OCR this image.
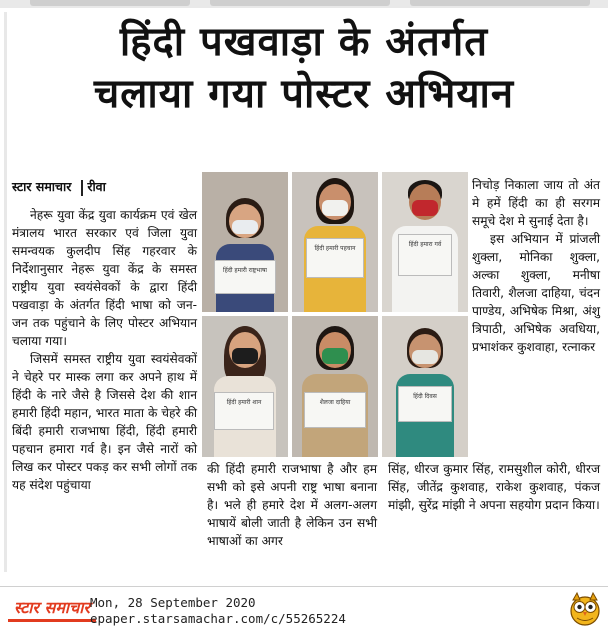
हिंदी पखवाड़ा के अंतर्गत
चलाया गया पोस्टर अभियान
स्टार समाचार रीवा

नेहरू युवा केंद्र युवा कार्यक्रम एवं खेल मंत्रालय भारत सरकार एवं जिला युवा समन्वयक कुलदीप सिंह गहरवार के निर्देशानुसार नेहरू युवा केंद्र के समस्त राष्ट्रीय युवा स्वयंसेवकों के द्वारा हिंदी पखवाड़ा के अंतर्गत हिंदी भाषा को जन-जन तक पहुंचाने के लिए पोस्टर अभियान चलाया गया।

जिसमें समस्त राष्ट्रीय युवा स्वयंसेवकों ने चेहरे पर मास्क लगा कर अपने हाथ में हिंदी के नारे जैसे है जिससे देश की शान हमारी हिंदी महान, भारत माता के चेहरे की बिंदी हमारी राजभाषा हिंदी, हिंदी हमारी पहचान हमारा गर्व है। इन जैसे नारों को लिख कर पोस्टर पकड़ कर सभी लोगों तक यह संदेश पहुंचाया

हिंदी हमारी राष्ट्रभाषा
हिंदी हमारी पहचान
हिंदी हमारा गर्व
हिंदी हमारी शान	शैलजा दाहिया
हिंदी दिवस

निचोड़ निकाला जाय तो अंत मे हमें हिंदी का ही सरगम समूचे देश मे सुनाई देता है।

इस अभियान में प्रांजली शुक्ला, मोनिका शुक्ला, अल्का शुक्ला, मनीषा तिवारी, शैलजा दाहिया, चंदन पाण्डेय, अभिषेक मिश्रा, अंशु त्रिपाठी, अभिषेक अवधिया, प्रभाशंकर कुशवाहा, रत्नाकर

की हिंदी हमारी राजभाषा है और हम सभी को इसे अपनी राष्ट्र भाषा बनाना है। भले ही हमारे देश में अलग-अलग भाषायें बोली जाती है लेकिन उन सभी भाषाओं का अगर
सिंह, धीरज कुमार सिंह, रामसुशील कोरी, धीरज सिंह, जीतेंद्र कुशवाह, राकेश कुशवाह, पंकज मांझी, सुरेंद्र मांझी ने अपना सहयोग प्रदान किया।
स्टार समाचार Mon, 28 September 2020
epaper.starsamachar.com/c/55265224
